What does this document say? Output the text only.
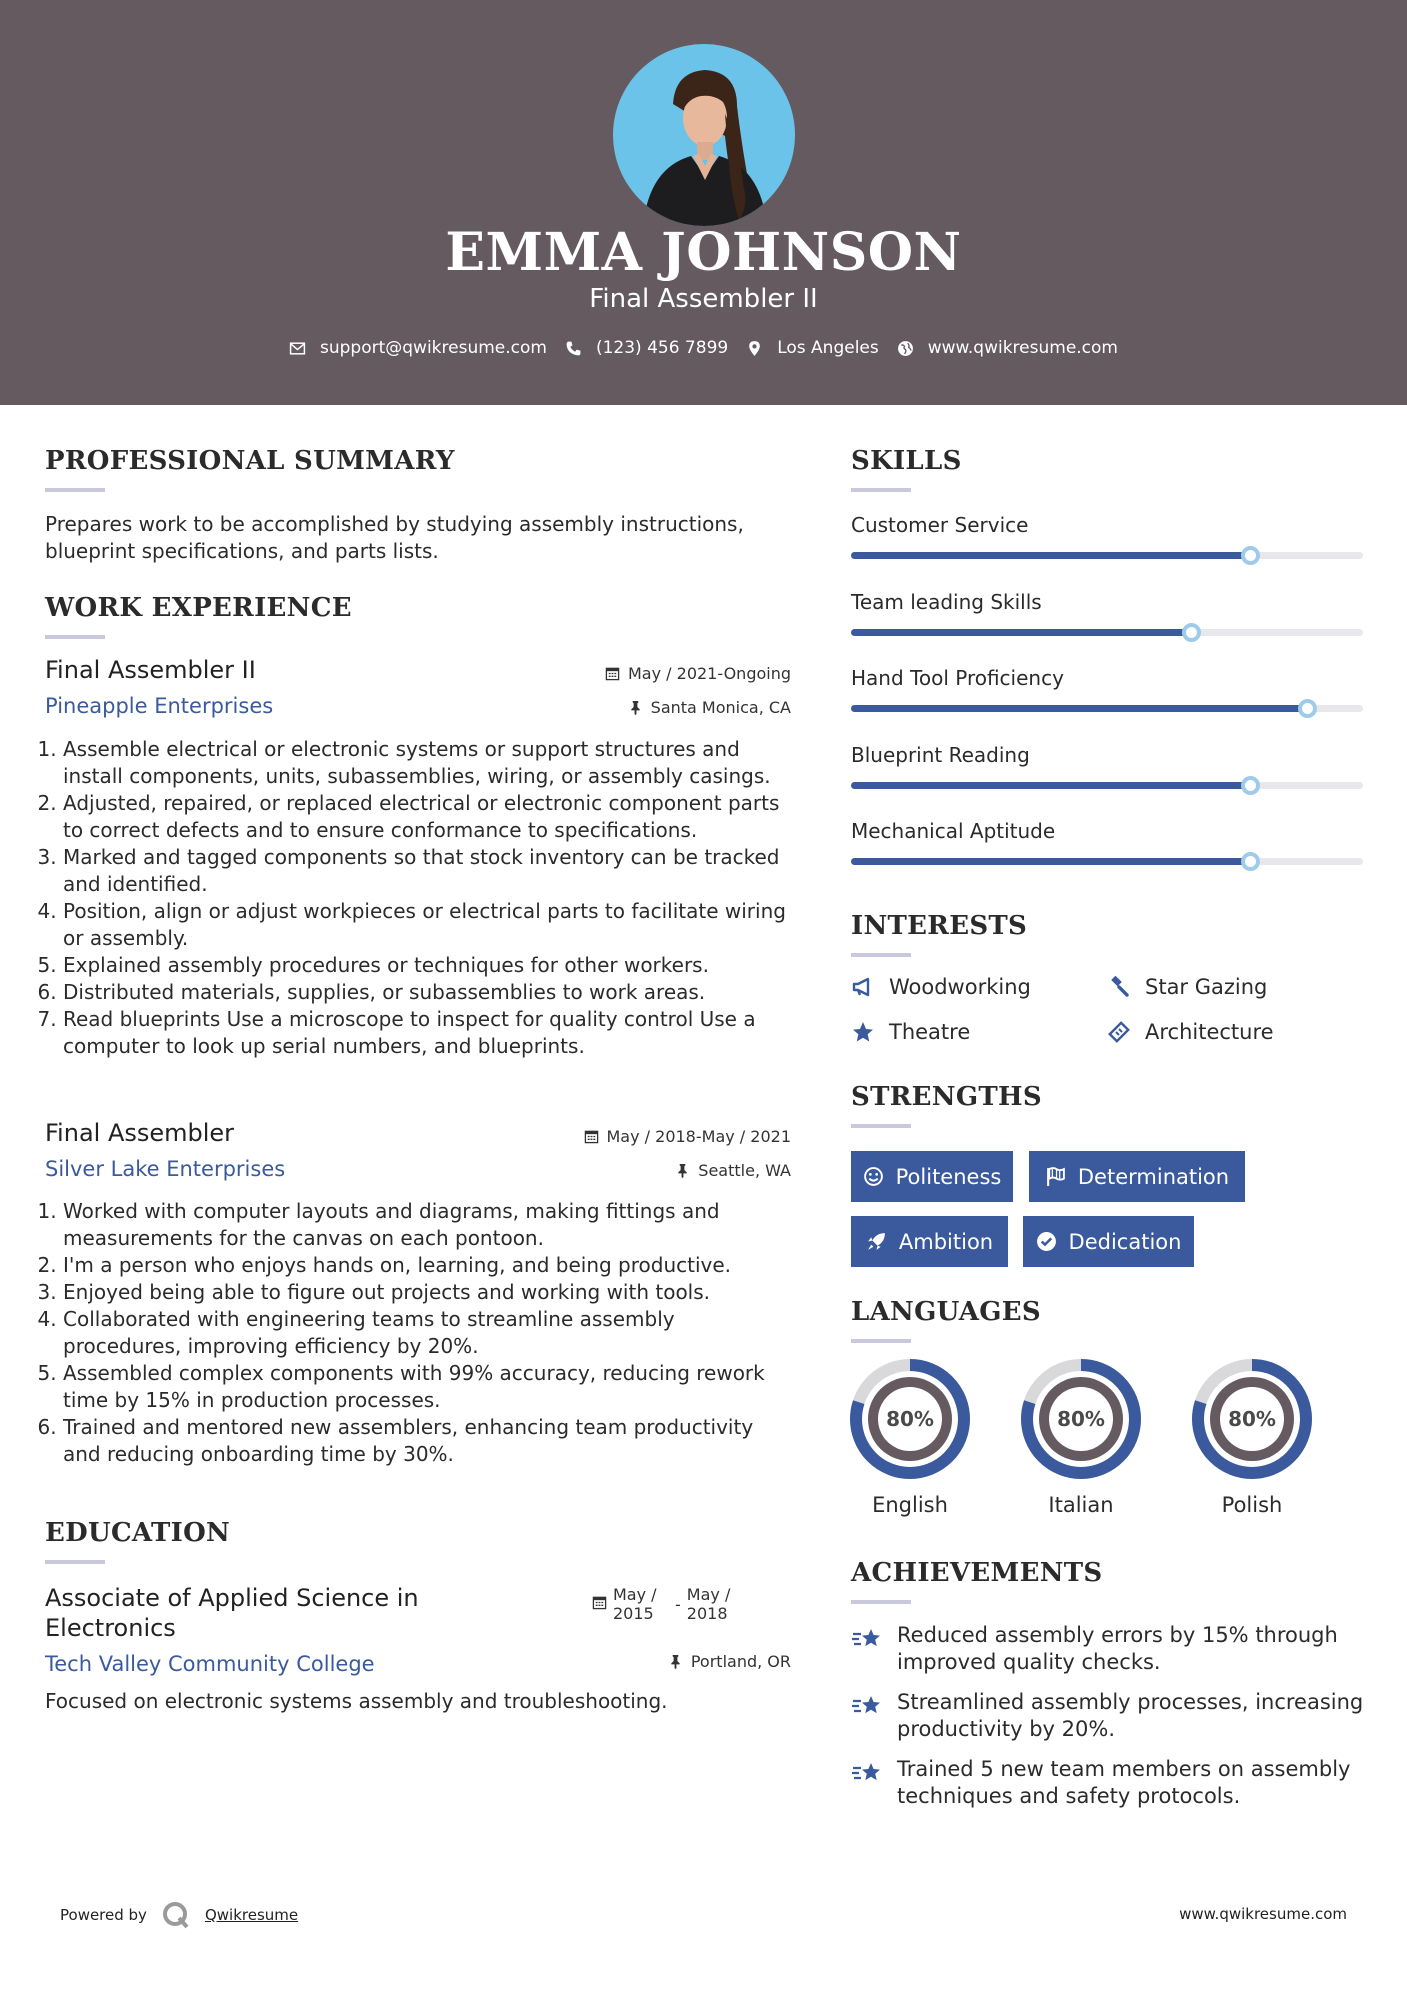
EMMA JOHNSON
Final Assembler II
support@qwikresume.com	(123) 456 7899	Los Angeles	www.qwikresume.com
PROFESSIONAL SUMMARY
Prepares work to be accomplished by studying assembly instructions, blueprint specifications, and parts lists.
WORK EXPERIENCE
Final Assembler II	May / 2021-Ongoing
Pineapple Enterprises	Santa Monica, CA
1. Assemble electrical or electronic systems or support structures and install components, units, subassemblies, wiring, or assembly casings.
2. Adjusted, repaired, or replaced electrical or electronic component parts to correct defects and to ensure conformance to specifications.
3. Marked and tagged components so that stock inventory can be tracked and identified.
4. Position, align or adjust workpieces or electrical parts to facilitate wiring or assembly.
5. Explained assembly procedures or techniques for other workers.
6. Distributed materials, supplies, or subassemblies to work areas.
7. Read blueprints Use a microscope to inspect for quality control Use a computer to look up serial numbers, and blueprints.
Final Assembler	May / 2018-May / 2021
Silver Lake Enterprises	Seattle, WA
1. Worked with computer layouts and diagrams, making fittings and measurements for the canvas on each pontoon.
2. I'm a person who enjoys hands on, learning, and being productive.
3. Enjoyed being able to figure out projects and working with tools.
4. Collaborated with engineering teams to streamline assembly procedures, improving efficiency by 20%.
5. Assembled complex components with 99% accuracy, reducing rework time by 15% in production processes.
6. Trained and mentored new assemblers, enhancing team productivity and reducing onboarding time by 30%.
EDUCATION
Associate of Applied Science in
Electronics
May /
2015	-
May /
2018
Tech Valley Community College	Portland, OR
Focused on electronic systems assembly and troubleshooting.
SKILLS
Customer Service
Team leading Skills
Hand Tool Proficiency
Blueprint Reading
Mechanical Aptitude
INTERESTS
Woodworking	Star Gazing
Theatre	Architecture
STRENGTHS
Politeness	Determination
Ambition	Dedication
LANGUAGES
80%
English
80%
Italian
80%
Polish
ACHIEVEMENTS
Reduced assembly errors by 15% through
improved quality checks.
Streamlined assembly processes, increasing
productivity by 20%.
Trained 5 new team members on assembly
techniques and safety protocols.
Powered by	Qwikresume	www.qwikresume.com
